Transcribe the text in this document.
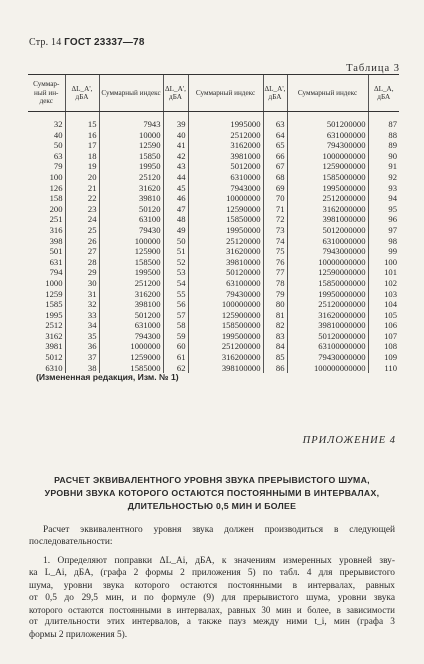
Стр. 14 ГОСТ 23337—78
Таблица 3
Суммар-ный ин-декс	ΔL_A', дБА	Суммарный индекс	ΔL_A', дБА	Суммарный индекс	ΔL_A', дБА	Суммарный индекс	ΔL_A, дБА
32	15	7943	39	1995000	63	501200000	87
40	16	10000	40	2512000	64	631000000	88
50	17	12590	41	3162000	65	794300000	89
63	18	15850	42	3981000	66	1000000000	90
79	19	19950	43	5012000	67	1259000000	91
100	20	25120	44	6310000	68	1585000000	92
126	21	31620	45	7943000	69	1995000000	93
158	22	39810	46	10000000	70	2512000000	94
200	23	50120	47	12590000	71	3162000000	95
251	24	63100	48	15850000	72	3981000000	96
316	25	79430	49	19950000	73	5012000000	97
398	26	100000	50	25120000	74	6310000000	98
501	27	125900	51	31620000	75	7943000000	99
631	28	158500	52	39810000	76	10000000000	100
794	29	199500	53	50120000	77	12590000000	101
1000	30	251200	54	63100000	78	15850000000	102
1259	31	316200	55	79430000	79	19950000000	103
1585	32	398100	56	100000000	80	25120000000	104
1995	33	501200	57	125900000	81	31620000000	105
2512	34	631000	58	158500000	82	39810000000	106
3162	35	794300	59	199500000	83	50120000000	107
3981	36	1000000	60	251200000	84	63100000000	108
5012	37	1259000	61	316200000	85	79430000000	109
6310	38	1585000	62	398100000	86	100000000000	110
(Измененная редакция, Изм. № 1)
ПРИЛОЖЕНИЕ 4
РАСЧЕТ ЭКВИВАЛЕНТНОГО УРОВНЯ ЗВУКА ПРЕРЫВИСТОГО ШУМА,
УРОВНИ ЗВУКА КОТОРОГО ОСТАЮТСЯ ПОСТОЯННЫМИ В ИНТЕРВАЛАХ,
ДЛИТЕЛЬНОСТЬЮ 0,5 МИН И БОЛЕЕ
Расчет эквивалентного уровня звука должен производиться в следующей
последовательности:
1. Определяют поправки ΔL_Ai, дБА, к значениям измеренных уровней зву-
ка L_Ai, дБА, (графа 2 формы 2 приложения 5) по табл. 4 для прерывистого
шума, уровни звука которого остаются постоянными в интервалах, равных
от 0,5 до 29,5 мин, и по формуле (9) для прерывистого шума, уровни звука
которого остаются постоянными в интервалах, равных 30 мин и более, в зависимости
от длительности этих интервалов, а также пауз между ними t_i, мин (графа 3
формы 2 приложения 5).
